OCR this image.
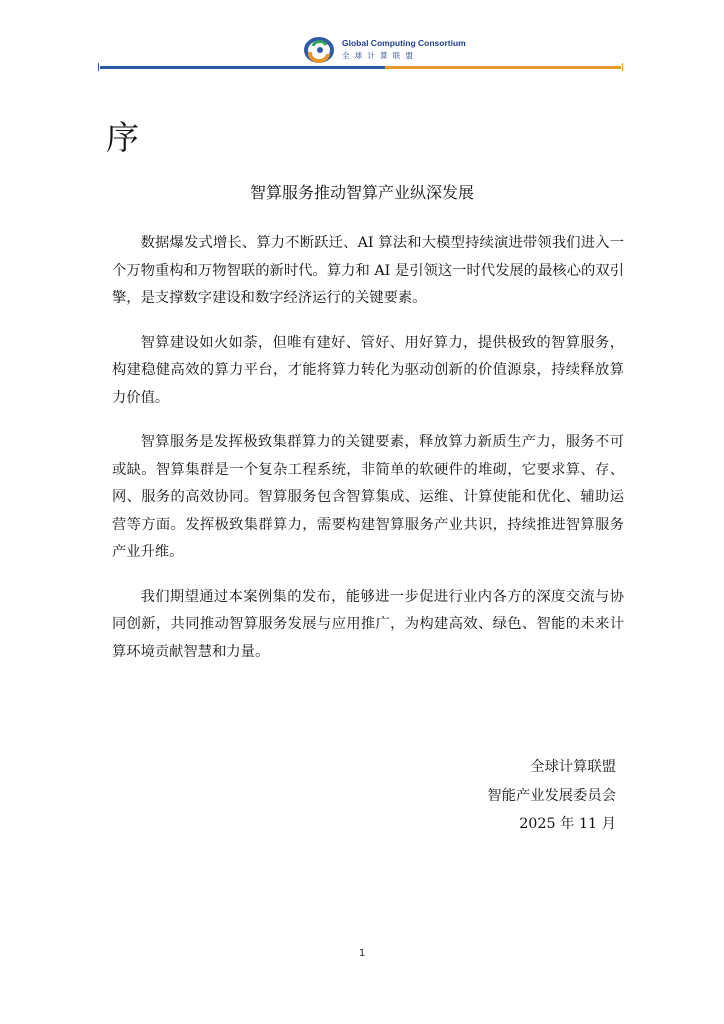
Global Computing Consortium
全球计算联盟
序
智算服务推动智算产业纵深发展

数据爆发式增长、算力不断跃迁、AI 算法和大模型持续演进带领我们进入一个万物重构和万物智联的新时代。算力和 AI 是引领这一时代发展的最核心的双引擎，是支撑数字建设和数字经济运行的关键要素。

智算建设如火如荼，但唯有建好、管好、用好算力，提供极致的智算服务，构建稳健高效的算力平台，才能将算力转化为驱动创新的价值源泉，持续释放算力价值。

智算服务是发挥极致集群算力的关键要素，释放算力新质生产力，服务不可或缺。智算集群是一个复杂工程系统，非简单的软硬件的堆砌，它要求算、存、网、服务的高效协同。智算服务包含智算集成、运维、计算使能和优化、辅助运营等方面。发挥极致集群算力，需要构建智算服务产业共识，持续推进智算服务产业升维。

我们期望通过本案例集的发布，能够进一步促进行业内各方的深度交流与协同创新，共同推动智算服务发展与应用推广，为构建高效、绿色、智能的未来计算环境贡献智慧和力量。

全球计算联盟
智能产业发展委员会
2025 年 11 月
1
